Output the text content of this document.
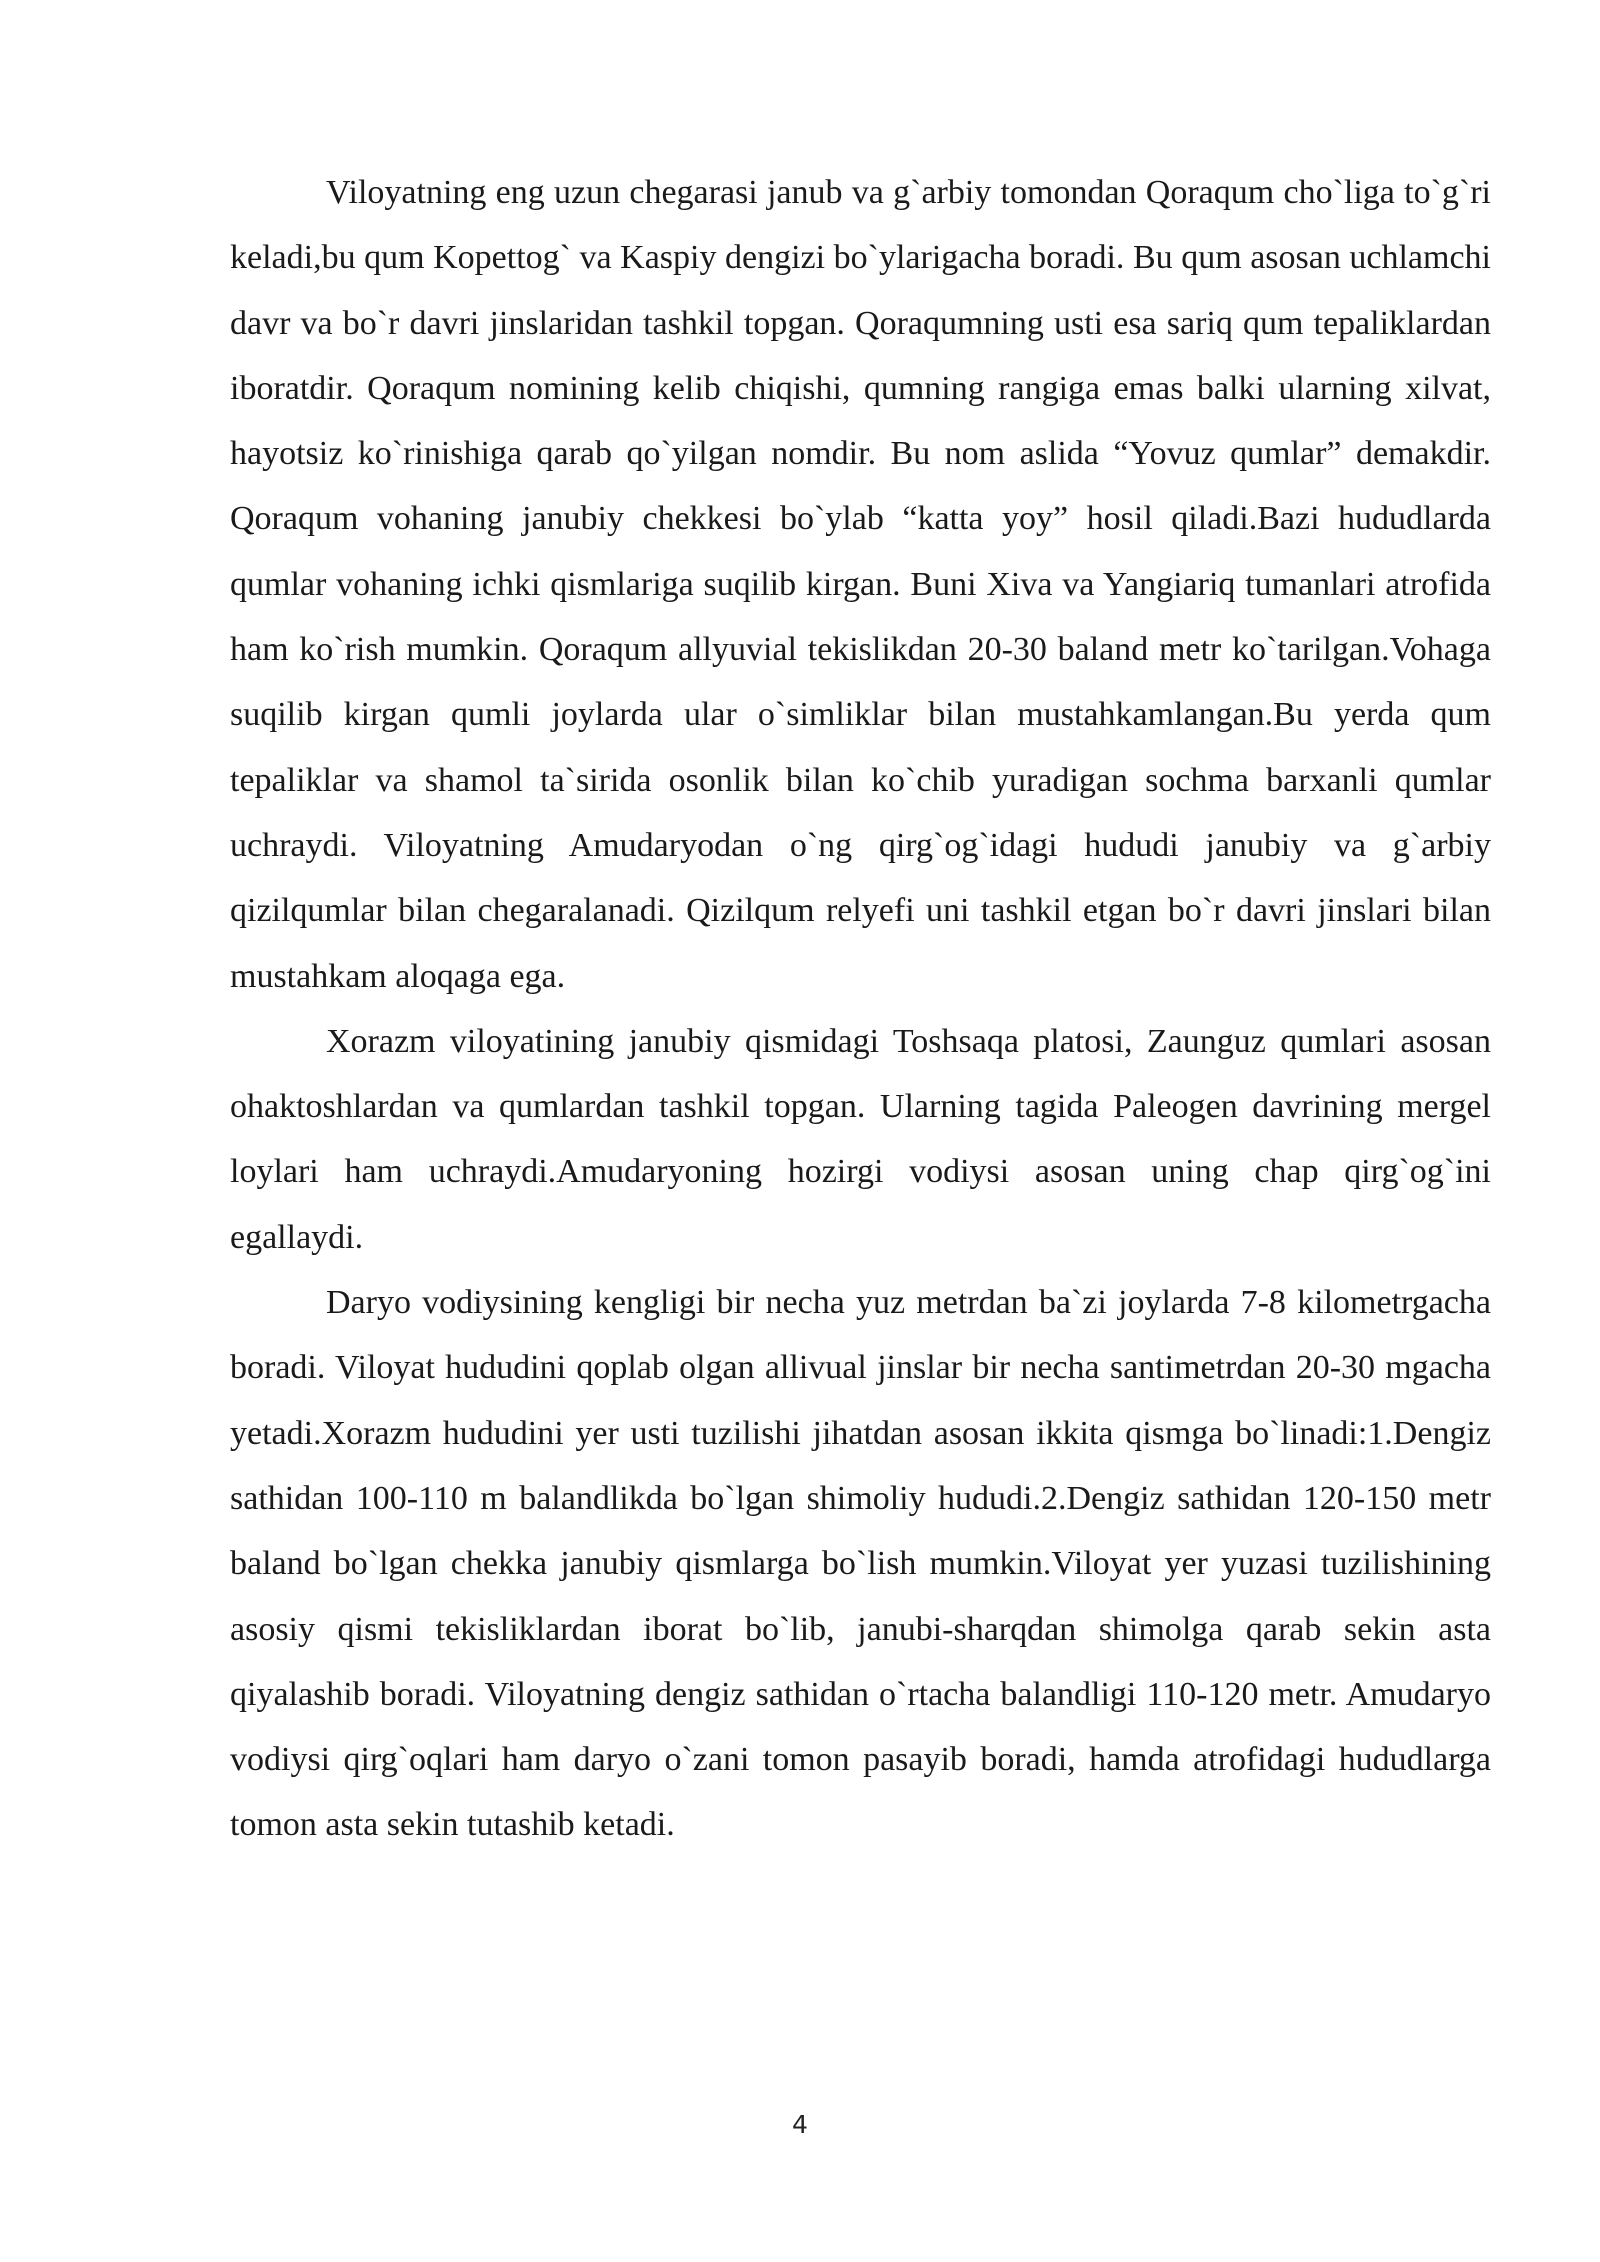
Viloyatning eng uzun chegarasi janub va g`arbiy tomondan Qoraqum cho`liga to`g`ri keladi,bu qum Kopettog` va Kaspiy dengizi bo`ylarigacha boradi. Bu qum asosan uchlamchi davr va bo`r davri jinslaridan tashkil topgan. Qoraqumning usti esa sariq qum tepaliklardan iboratdir. Qoraqum nomining kelib chiqishi, qumning rangiga emas balki ularning xilvat, hayotsiz ko`rinishiga qarab qo`yilgan nomdir. Bu nom aslida “Yovuz qumlar” demakdir. Qoraqum vohaning janubiy chekkesi bo`ylab “katta yoy” hosil qiladi.Bazi hududlarda qumlar vohaning ichki qismlariga suqilib kirgan. Buni Xiva va Yangiariq tumanlari atrofida ham ko`rish mumkin. Qoraqum allyuvial tekislikdan 20-30 baland metr ko`tarilgan.Vohaga suqilib kirgan qumli joylarda ular o`simliklar bilan mustahkamlangan.Bu yerda qum tepaliklar va shamol ta`sirida osonlik bilan ko`chib yuradigan sochma barxanli qumlar uchraydi. Viloyatning Amudaryodan o`ng qirg`og`idagi hududi janubiy va g`arbiy qizilqumlar bilan chegaralanadi. Qizilqum relyefi uni tashkil etgan bo`r davri jinslari bilan mustahkam aloqaga ega.

Xorazm viloyatining janubiy qismidagi Toshsaqa platosi, Zaunguz qumlari asosan ohaktoshlardan va qumlardan tashkil topgan. Ularning tagida Paleogen davrining mergel loylari ham uchraydi.Amudaryoning hozirgi vodiysi asosan uning chap qirg`og`ini egallaydi.

Daryo vodiysining kengligi bir necha yuz metrdan ba`zi joylarda 7-8 kilometrgacha boradi. Viloyat hududini qoplab olgan allivual jinslar bir necha santimetrdan 20-30 mgacha yetadi.Xorazm hududini yer usti tuzilishi jihatdan asosan ikkita qismga bo`linadi:1.Dengiz sathidan 100-110 m balandlikda bo`lgan shimoliy hududi.2.Dengiz sathidan 120-150 metr baland bo`lgan chekka janubiy qismlarga bo`lish mumkin.Viloyat yer yuzasi tuzilishining asosiy qismi tekisliklardan iborat bo`lib, janubi-sharqdan shimolga qarab sekin asta qiyalashib boradi. Viloyatning dengiz sathidan o`rtacha balandligi 110-120 metr. Amudaryo vodiysi qirg`oqlari ham daryo o`zani tomon pasayib boradi, hamda atrofidagi hududlarga tomon asta sekin tutashib ketadi.

4
